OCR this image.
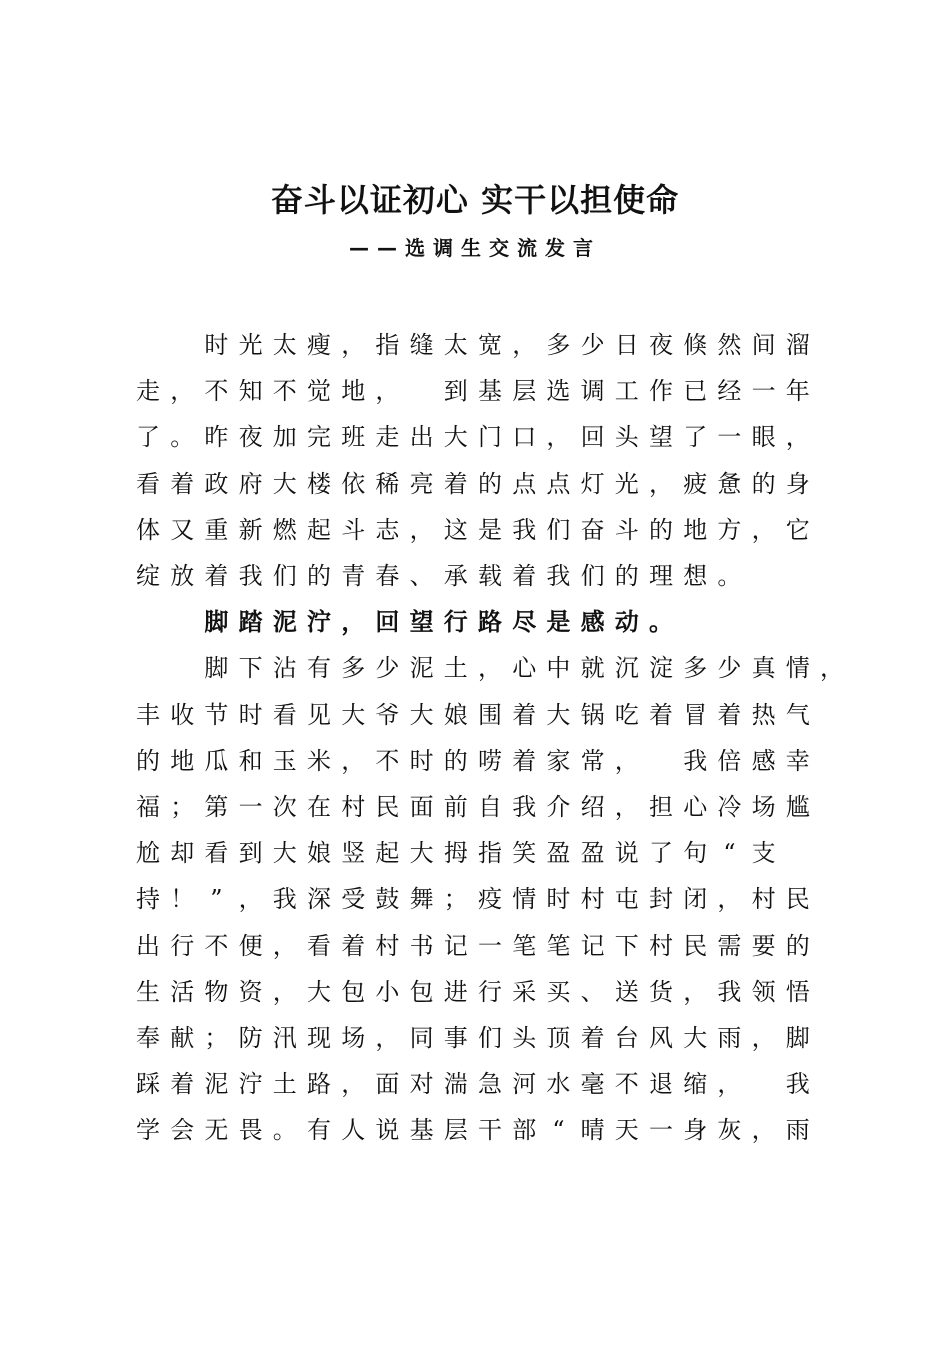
奋斗以证初心 实干以担使命
——选调生交流发言

时 光 太 瘦 ， 指 缝 太 宽 ， 多 少 日 夜 倏 然 间 溜
走 ， 不 知 不 觉 地 ，
　 到 基 层 选 调 工 作 已 经 一 年
了 。 昨 夜 加 完 班 走 出 大 门 口 ， 回 头 望 了 一 眼 ，
看 着 政 府 大 楼 依 稀 亮 着 的 点 点 灯 光 ， 疲 惫 的 身
体 又 重 新 燃 起 斗 志 ， 这 是 我 们 奋 斗 的 地 方 ， 它
绽 放 着 我 们 的 青 春 、 承 载 着 我 们 的 理 想 。

脚 踏 泥 泞 ， 回 望 行 路 尽 是 感 动 。

脚 下 沾 有 多 少 泥 土 ， 心 中 就 沉 淀 多 少 真 情 ，
丰 收 节 时 看 见 大 爷 大 娘 围 着 大 锅 吃 着 冒 着 热 气
的 地 瓜 和 玉 米 ， 不 时 的 唠 着 家 常 ，
　 我 倍 感 幸
福 ； 第 一 次 在 村 民 面 前 自 我 介 绍 ， 担 心 冷 场 尴
尬 却 看 到 大 娘 竖 起 大 拇 指 笑 盈 盈 说 了 句 “ 支
持 ！ ” ， 我 深 受 鼓 舞 ； 疫 情 时 村 屯 封 闭 ， 村 民
出 行 不 便 ， 看 着 村 书 记 一 笔 笔 记 下 村 民 需 要 的
生 活 物 资 ， 大 包 小 包 进 行 采 买 、 送 货 ， 我 领 悟
奉 献 ； 防 汛 现 场 ， 同 事 们 头 顶 着 台 风 大 雨 ， 脚
踩 着 泥 泞 土 路 ， 面 对 湍 急 河 水 毫 不 退 缩 ，
　 我
学 会 无 畏 。 有 人 说 基 层 干 部 “ 晴 天 一 身 灰 ， 雨
